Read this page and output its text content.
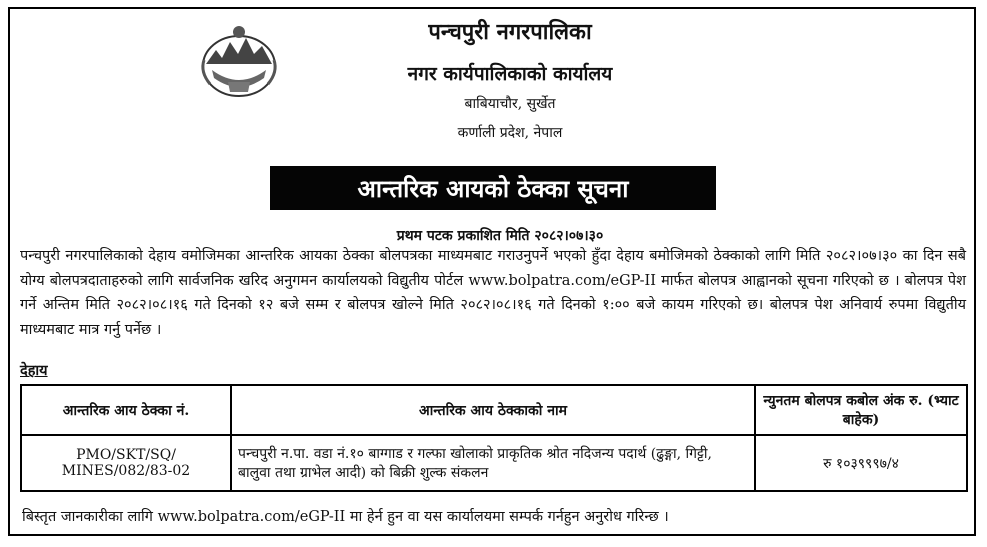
पन्चपुरी नगरपालिका
नगर कार्यपालिकाको कार्यालय
बाबियाचौर, सुर्खेत
कर्णाली प्रदेश, नेपाल
आन्तरिक आयको ठेक्का सूचना
प्रथम पटक प्रकाशित मिति २०८२।०७।३०
पन्चपुरी नगरपालिकाको देहाय वमोजिमका आन्तरिक आयका ठेक्का बोलपत्रका माध्यमबाट गराउनुपर्ने भएको हुँदा देहाय बमोजिमको ठेक्काको लागि मिति २०८२।०७।३० का दिन सबै योग्य बोलपत्रदाताहरुको लागि सार्वजनिक खरिद अनुगमन कार्यालयको विद्युतीय पोर्टल www.bolpatra.com/eGP-II मार्फत बोलपत्र आह्वानको सूचना गरिएको छ । बोलपत्र पेश गर्ने अन्तिम मिति २०८२।०८।१६ गते दिनको १२ बजे सम्म र बोलपत्र खोल्ने मिति २०८२।०८।१६ गते दिनको १:०० बजे कायम गरिएको छ। बोलपत्र पेश अनिवार्य रुपमा विद्युतीय माध्यमबाट मात्र गर्नु पर्नेछ ।
देहाय
आन्तरिक आय ठेक्का नं.	आन्तरिक आय ठेक्काको नाम	न्युनतम बोलपत्र कबोल अंक रु. (भ्याट बाहेक)
PMO/SKT/SQ/ MINES/082/83-02	पन्चपुरी न.पा. वडा नं.१० बाग्गाड र गल्फा खोलाको प्राकृतिक श्रोत नदिजन्य पदार्थ (ढुङ्गा, गिट्टी, बालुवा तथा ग्राभेल आदी) को बिक्री शुल्क संकलन	रु १०३९९९७/४
बिस्तृत जानकारीका लागि www.bolpatra.com/eGP-II मा हेर्न हुन वा यस कार्यालयमा सम्पर्क गर्नहुन अनुरोध गरिन्छ ।
